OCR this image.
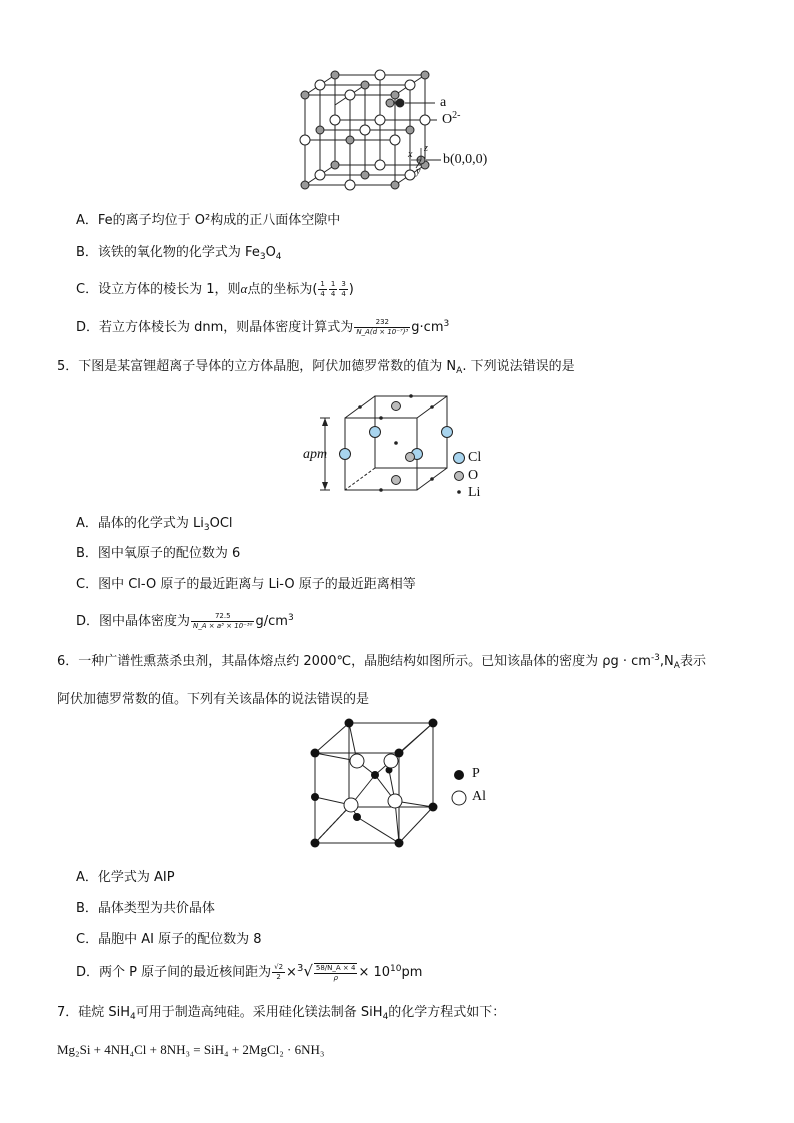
a
$O^{2-}$
b(0,0,0)
x
z
y
A．Fe的离子均位于 O²构成的正八面体空隙中
B．该铁的氧化物的化学式为 $Fe_3O_4$
C．设立方体的棱长为 1，则α点的坐标为( $\frac{1}{4} \frac{1}{4} \frac{3}{4}$ )
D．若立方体棱长为 dnm，则晶体密度计算式为 $\frac{232}{\text{N\_A(d × 10⁻⁷)³}} g\cdot cm^3$
5．下图是某富锂超离子导体的立方体晶胞，阿伏加德罗常数的值为 $N_A$. 下列说法错误的是
apm	Cl
O
Li
A．晶体的化学式为 $Li_3OCl$
B．图中氧原子的配位数为 6
C．图中 Cl-O 原子的最近距离与 Li-O 原子的最近距离相等
D．图中晶体密度为 $\frac{72.5}{\text{N\_A × a³ × 10⁻³⁰}} g/cm^3$
6．一种广谱性熏蒸杀虫剂，其晶体熔点约 2000℃，晶胞结构如图所示。已知该晶体的密度为 $\rho g \cdot cm^{-3},N_A$表示
阿伏加德罗常数的值。下列有关该晶体的说法错误的是
P
Al
A．化学式为 AIP
B．晶体类型为共价晶体
C．晶胞中 AI 原子的配位数为 8
D．两个 P 原子间的最近核间距为 $\frac{√2}{2} \times^3√ \frac{58/N\_A \times 4}{\rho} \times 10^{10}pm$
7．硅烷 SiH$_4$可用于制造高纯硅。采用硅化镁法制备 SiH$_4$的化学方程式如下：
Mg₂Si + 4NH₄Cl + 8NH₃ = SiH₄ + 2MgCl₂ · 6NH₃
